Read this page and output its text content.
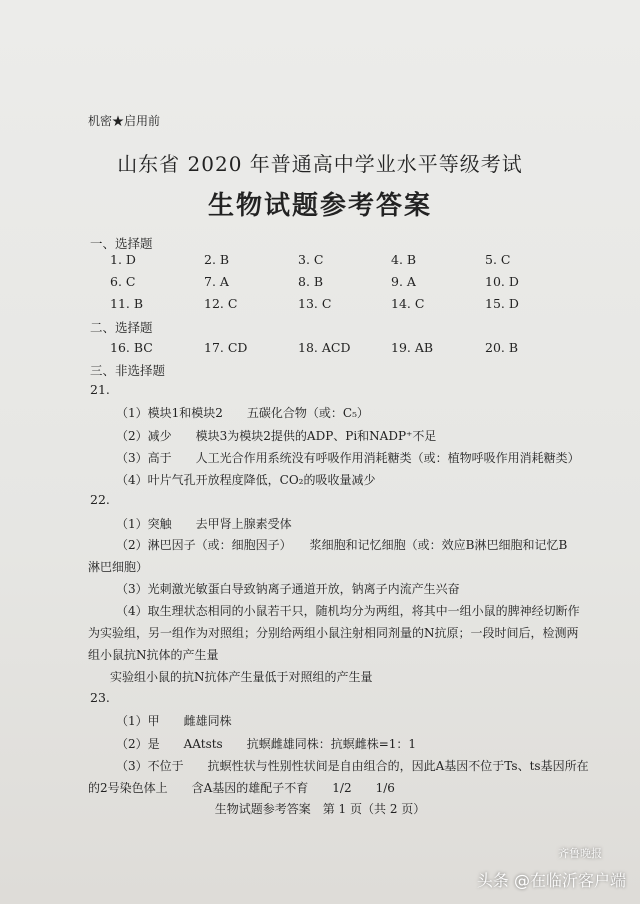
机密★启用前
山东省 2020 年普通高中学业水平等级考试
生物试题参考答案
一、选择题
1. D	2. B	3. C	4. B	5. C
6. C	7. A	8. B	9. A	10. D
11. B	12. C	13. C	14. C	15. D
二、选择题
16. BC	17. CD	18. ACD	19. AB	20. B
三、非选择题
21.
（1）模块1和模块2　　五碳化合物（或：C₅）
（2）减少　　模块3为模块2提供的ADP、Pi和NADP⁺不足
（3）高于　　人工光合作用系统没有呼吸作用消耗糖类（或：植物呼吸作用消耗糖类）
（4）叶片气孔开放程度降低，CO₂的吸收量减少
22.
（1）突触　　去甲肾上腺素受体
（2）淋巴因子（或：细胞因子）　　浆细胞和记忆细胞（或：效应B淋巴细胞和记忆B
淋巴细胞）
（3）光刺激光敏蛋白导致钠离子通道开放，钠离子内流产生兴奋
（4）取生理状态相同的小鼠若干只，随机均分为两组，将其中一组小鼠的脾神经切断作
为实验组，另一组作为对照组；分别给两组小鼠注射相同剂量的N抗原；一段时间后，检测两
组小鼠抗N抗体的产生量
实验组小鼠的抗N抗体产生量低于对照组的产生量
23.
（1）甲　　雌雄同株
（2）是　　AAtsts　　抗螟雌雄同株：抗螟雌株=1：1
（3）不位于　　抗螟性状与性别性状间是自由组合的，因此A基因不位于Ts、ts基因所在
的2号染色体上　　含A基因的雄配子不育　　1/2　　1/6
生物试题参考答案　第 1 页（共 2 页）
齐鲁晚报
头条 @在临沂客户端
